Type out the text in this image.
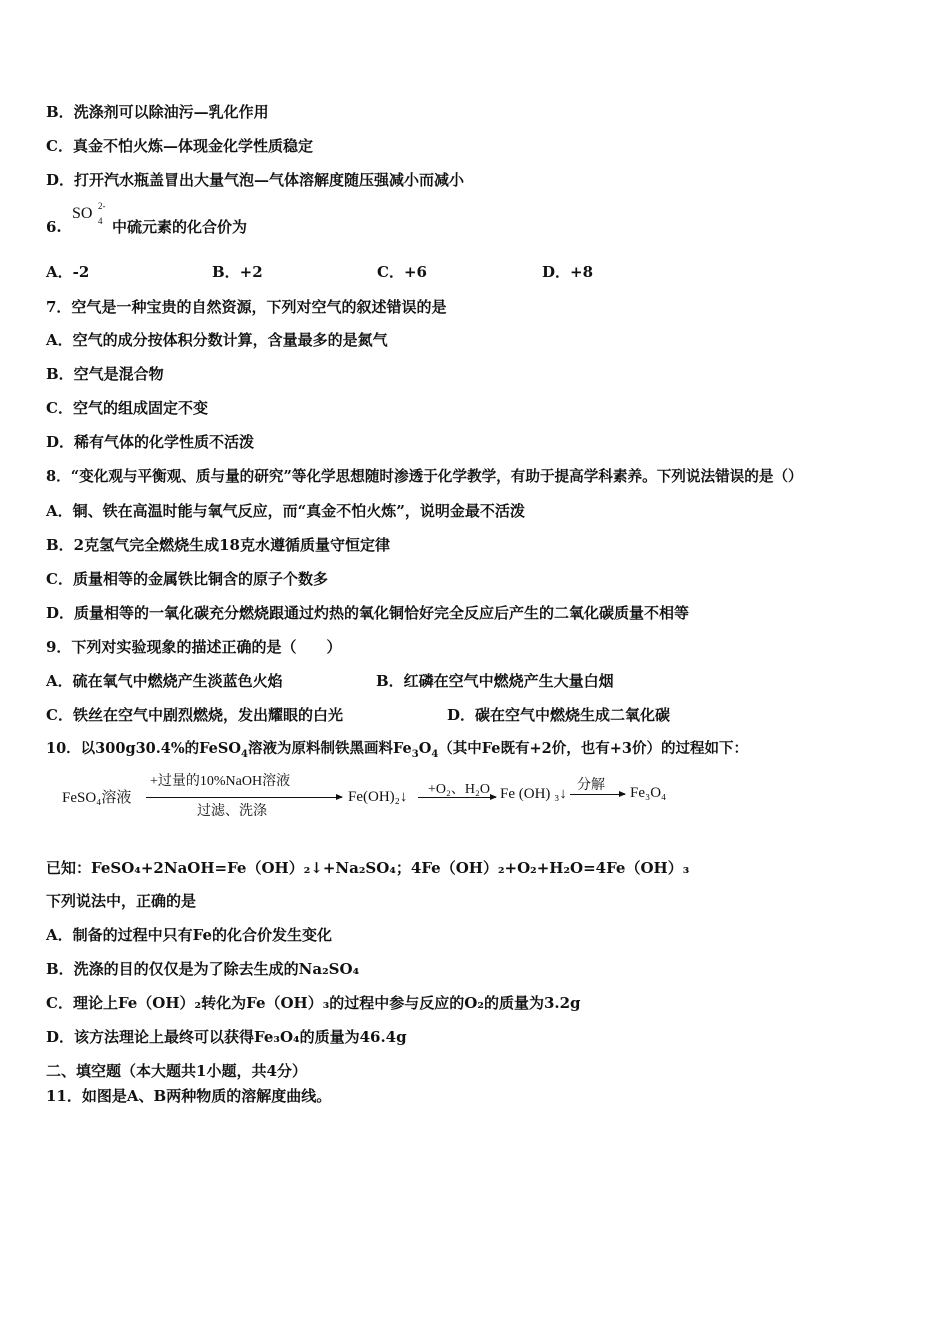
B．洗涤剂可以除油污—乳化作用
C．真金不怕火炼—体现金化学性质稳定
D．打开汽水瓶盖冒出大量气泡—气体溶解度随压强减小而减小
6.
SO 2-
4 中硫元素的化合价为
A．-2	B．+2	C．+6	D．+8
7．空气是一种宝贵的自然资源，下列对空气的叙述错误的是
A．空气的成分按体积分数计算，含量最多的是氮气
B．空气是混合物
C．空气的组成固定不变
D．稀有气体的化学性质不活泼
8．“变化观与平衡观、质与量的研究”等化学思想随时渗透于化学教学，有助于提高学科素养。下列说法错误的是（）
A．铜、铁在高温时能与氧气反应，而“真金不怕火炼”，说明金最不活泼
B．2克氢气完全燃烧生成18克水遵循质量守恒定律
C．质量相等的金属铁比铜含的原子个数多
D．质量相等的一氧化碳充分燃烧跟通过灼热的氧化铜恰好完全反应后产生的二氧化碳质量不相等
9．下列对实验现象的描述正确的是（　　）
A．硫在氧气中燃烧产生淡蓝色火焰	B．红磷在空气中燃烧产生大量白烟
C．铁丝在空气中剧烈燃烧，发出耀眼的白光	D．碳在空气中燃烧生成二氧化碳
10．以300g30.4%的FeSO$_4$溶液为原料制铁黑画料$Fe_3O_4$（其中Fe既有+2价，也有+3价）的过程如下：
FeSO₄溶液
+过量的10%NaOH溶液
过滤、洗涤
Fe(OH)₂↓ +O₂、H₂O Fe (OH) ₃↓
分解 Fe₃O₄
已知：FeSO₄+2NaOH=Fe（OH）₂↓+Na₂SO₄；4Fe（OH）₂+O₂+H₂O=4Fe（OH）₃
下列说法中，正确的是
A．制备的过程中只有Fe的化合价发生变化
B．洗涤的目的仅仅是为了除去生成的Na₂SO₄
C．理论上Fe（OH）₂转化为Fe（OH）₃的过程中参与反应的O₂的质量为3.2g
D．该方法理论上最终可以获得Fe₃O₄的质量为46.4g
二、填空题（本大题共1小题，共4分）
11．如图是A、B两种物质的溶解度曲线。
